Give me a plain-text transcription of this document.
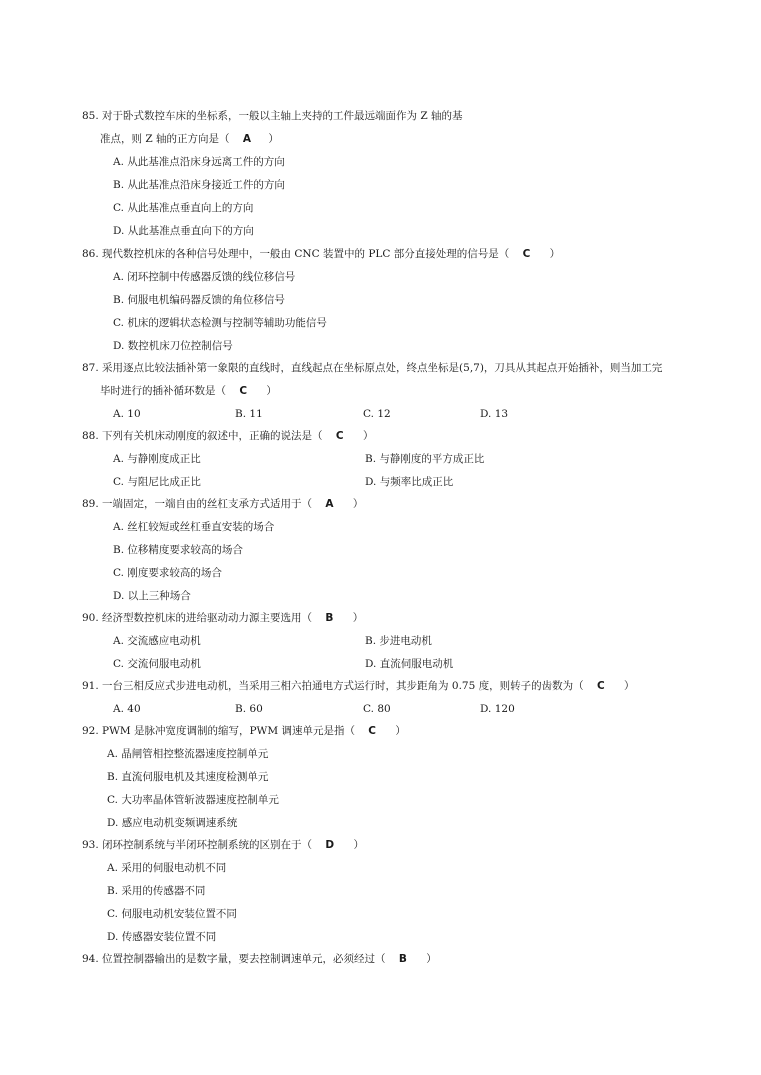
85. 对于卧式数控车床的坐标系，一般以主轴上夹持的工件最远端面作为 Z 轴的基
准点，则 Z 轴的正方向是（ A ）
A. 从此基准点沿床身远离工件的方向
B. 从此基准点沿床身接近工件的方向
C. 从此基准点垂直向上的方向
D. 从此基准点垂直向下的方向
86. 现代数控机床的各种信号处理中，一般由 CNC 装置中的 PLC 部分直接处理的信号是（ C ）
A. 闭环控制中传感器反馈的线位移信号
B. 伺服电机编码器反馈的角位移信号
C. 机床的逻辑状态检测与控制等辅助功能信号
D. 数控机床刀位控制信号
87. 采用逐点比较法插补第一象限的直线时，直线起点在坐标原点处，终点坐标是(5,7)，刀具从其起点开始插补，则当加工完
毕时进行的插补循环数是（ C ）
A. 10	B. 11	C. 12	D. 13
88. 下列有关机床动刚度的叙述中，正确的说法是（ C ）
A. 与静刚度成正比	B. 与静刚度的平方成正比
C. 与阻尼比成正比	D. 与频率比成正比
89. 一端固定，一端自由的丝杠支承方式适用于（ A ）
A. 丝杠较短或丝杠垂直安装的场合
B. 位移精度要求较高的场合
C. 刚度要求较高的场合
D. 以上三种场合
90. 经济型数控机床的进给驱动动力源主要选用（ B ）
A. 交流感应电动机	B. 步进电动机
C. 交流伺服电动机	D. 直流伺服电动机
91. 一台三相反应式步进电动机，当采用三相六拍通电方式运行时，其步距角为 0.75 度，则转子的齿数为（ C ）
A. 40	B. 60	C. 80	D. 120
92. PWM 是脉冲宽度调制的缩写，PWM 调速单元是指（ C ）
A. 晶闸管相控整流器速度控制单元
B. 直流伺服电机及其速度检测单元
C. 大功率晶体管斩波器速度控制单元
D. 感应电动机变频调速系统
93. 闭环控制系统与半闭环控制系统的区别在于（ D ）
A. 采用的伺服电动机不同
B. 采用的传感器不同
C. 伺服电动机安装位置不同
D. 传感器安装位置不同
94. 位置控制器输出的是数字量，要去控制调速单元，必须经过（ B ）
